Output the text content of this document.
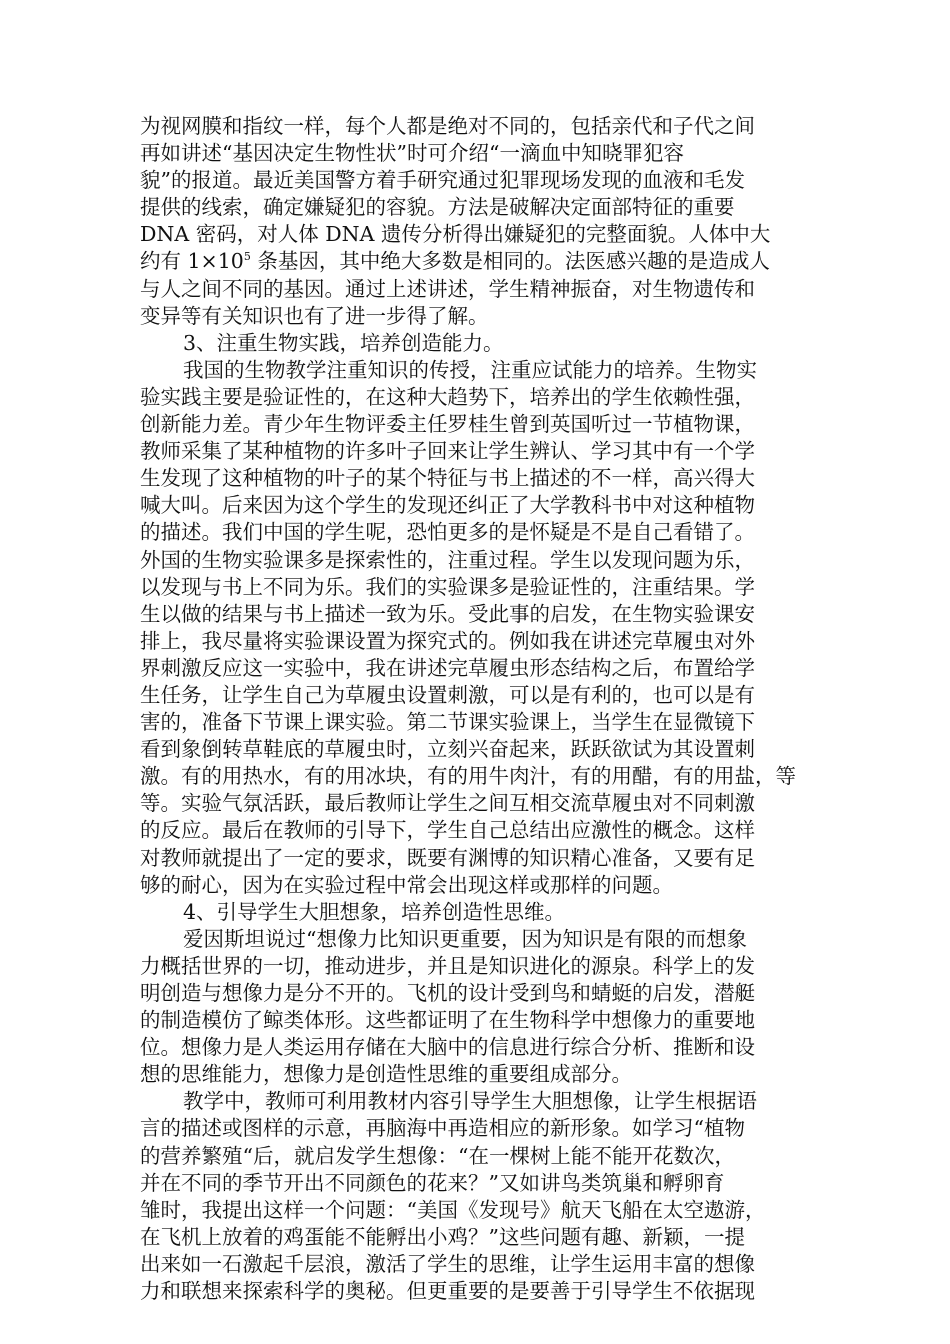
为视网膜和指纹一样，每个人都是绝对不同的，包括亲代和子代之间
再如讲述“基因决定生物性状”时可介绍“一滴血中知晓罪犯容
貌”的报道。最近美国警方着手研究通过犯罪现场发现的血液和毛发
提供的线索，确定嫌疑犯的容貌。方法是破解决定面部特征的重要
DNA 密码，对人体 DNA 遗传分析得出嫌疑犯的完整面貌。人体中大
约有 $1\times 10^5$ 条基因，其中绝大多数是相同的。法医感兴趣的是造成人
与人之间不同的基因。通过上述讲述，学生精神振奋，对生物遗传和
变异等有关知识也有了进一步得了解。
3、注重生物实践，培养创造能力。
我国的生物教学注重知识的传授，注重应试能力的培养。生物实
验实践主要是验证性的，在这种大趋势下，培养出的学生依赖性强，
创新能力差。青少年生物评委主任罗桂生曾到英国听过一节植物课，
教师采集了某种植物的许多叶子回来让学生辨认、学习其中有一个学
生发现了这种植物的叶子的某个特征与书上描述的不一样，高兴得大
喊大叫。后来因为这个学生的发现还纠正了大学教科书中对这种植物
的描述。我们中国的学生呢，恐怕更多的是怀疑是不是自己看错了。
外国的生物实验课多是探索性的，注重过程。学生以发现问题为乐，
以发现与书上不同为乐。我们的实验课多是验证性的，注重结果。学
生以做的结果与书上描述一致为乐。受此事的启发，在生物实验课安
排上，我尽量将实验课设置为探究式的。例如我在讲述完草履虫对外
界刺激反应这一实验中，我在讲述完草履虫形态结构之后，布置给学
生任务，让学生自己为草履虫设置刺激，可以是有利的，也可以是有
害的，准备下节课上课实验。第二节课实验课上，当学生在显微镜下
看到象倒转草鞋底的草履虫时，立刻兴奋起来，跃跃欲试为其设置刺
激。有的用热水，有的用冰块，有的用牛肉汁，有的用醋，有的用盐，等
等。实验气氛活跃，最后教师让学生之间互相交流草履虫对不同刺激
的反应。最后在教师的引导下，学生自己总结出应激性的概念。这样
对教师就提出了一定的要求，既要有渊博的知识精心准备，又要有足
够的耐心，因为在实验过程中常会出现这样或那样的问题。
4、引导学生大胆想象，培养创造性思维。
爱因斯坦说过“想像力比知识更重要，因为知识是有限的而想象
力概括世界的一切，推动进步，并且是知识进化的源泉。科学上的发
明创造与想像力是分不开的。飞机的设计受到鸟和蜻蜓的启发，潜艇
的制造模仿了鲸类体形。这些都证明了在生物科学中想像力的重要地
位。想像力是人类运用存储在大脑中的信息进行综合分析、推断和设
想的思维能力，想像力是创造性思维的重要组成部分。
教学中，教师可利用教材内容引导学生大胆想像，让学生根据语
言的描述或图样的示意，再脑海中再造相应的新形象。如学习“植物
的营养繁殖“后，就启发学生想像：“在一棵树上能不能开花数次，
并在不同的季节开出不同颜色的花来？”又如讲鸟类筑巢和孵卵育
雏时，我提出这样一个问题：“美国《发现号》航天飞船在太空遨游，
在飞机上放着的鸡蛋能不能孵出小鸡？”这些问题有趣、新颖，一提
出来如一石激起千层浪，激活了学生的思维，让学生运用丰富的想像
力和联想来探索科学的奥秘。但更重要的是要善于引导学生不依据现
